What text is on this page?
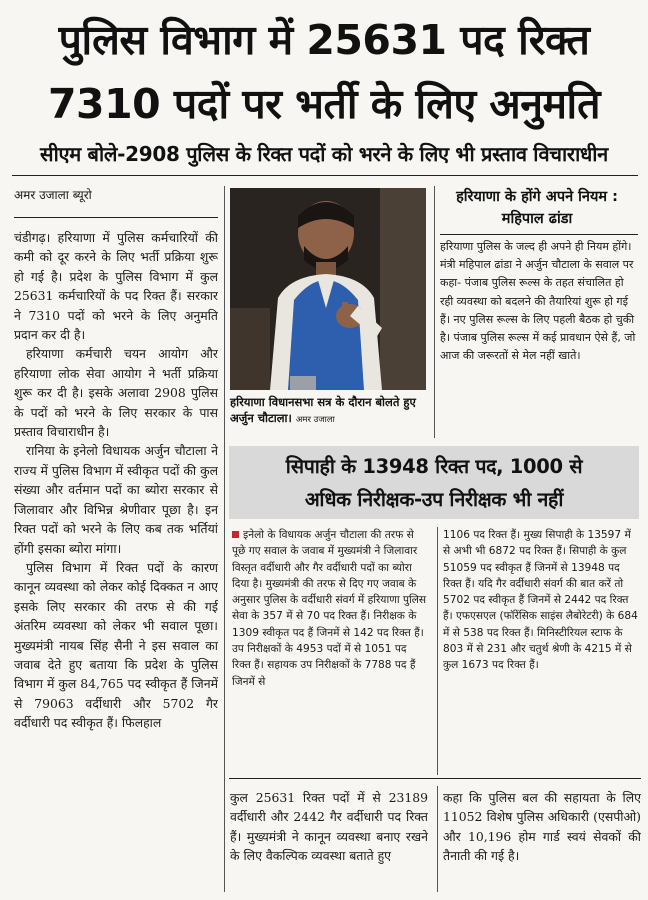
पुलिस विभाग में 25631 पद रिक्त
7310 पदों पर भर्ती के लिए अनुमति
सीएम बोले-2908 पुलिस के रिक्त पदों को भरने के लिए भी प्रस्ताव विचाराधीन
अमर उजाला ब्यूरो

चंडीगढ़। हरियाणा में पुलिस कर्मचारियों की कमी को दूर करने के लिए भर्ती प्रक्रिया शुरू हो गई है। प्रदेश के पुलिस विभाग में कुल 25631 कर्मचारियों के पद रिक्त हैं। सरकार ने 7310 पदों को भरने के लिए अनुमति प्रदान कर दी है।

हरियाणा कर्मचारी चयन आयोग और हरियाणा लोक सेवा आयोग ने भर्ती प्रक्रिया शुरू कर दी है। इसके अलावा 2908 पुलिस के पदों को भरने के लिए सरकार के पास प्रस्ताव विचाराधीन है।

रानिया के इनेलो विधायक अर्जुन चौटाला ने राज्य में पुलिस विभाग में स्वीकृत पदों की कुल संख्या और वर्तमान पदों का ब्योरा सरकार से जिलावार और विभिन्न श्रेणीवार पूछा है। इन रिक्त पदों को भरने के लिए कब तक भर्तियां होंगी इसका ब्योरा मांगा।

पुलिस विभाग में रिक्त पदों के कारण कानून व्यवस्था को लेकर कोई दिक्कत न आए इसके लिए सरकार की तरफ से की गई अंतरिम व्यवस्था को लेकर भी सवाल पूछा। मुख्यमंत्री नायब सिंह सैनी ने इस सवाल का जवाब देते हुए बताया कि प्रदेश के पुलिस विभाग में कुल 84,765 पद स्वीकृत हैं जिनमें से 79063 वर्दीधारी और 5702 गैर वर्दीधारी पद स्वीकृत हैं। फिलहाल

हरियाणा विधानसभा सत्र के दौरान बोलते हुए अर्जुन चौटाला। अमर उजाला
हरियाणा के होंगे अपने नियम : महिपाल ढांडा
हरियाणा पुलिस के जल्द ही अपने ही नियम होंगे। मंत्री महिपाल ढांडा ने अर्जुन चौटाला के सवाल पर कहा- पंजाब पुलिस रूल्स के तहत संचालित हो रही व्यवस्था को बदलने की तैयारियां शुरू हो गई हैं। नए पुलिस रूल्स के लिए पहली बैठक हो चुकी है। पंजाब पुलिस रूल्स में कई प्रावधान ऐसे हैं, जो आज की जरूरतों से मेल नहीं खाते।
सिपाही के 13948 रिक्त पद, 1000 से
अधिक निरीक्षक-उप निरीक्षक भी नहीं
इनेलो के विधायक अर्जुन चौटाला की तरफ से पूछे गए सवाल के जवाब में मुख्यमंत्री ने जिलावार विस्तृत वर्दीधारी और गैर वर्दीधारी पदों का ब्योरा दिया है। मुख्यमंत्री की तरफ से दिए गए जवाब के अनुसार पुलिस के वर्दीधारी संवर्ग में हरियाणा पुलिस सेवा के 357 में से 70 पद रिक्त हैं। निरीक्षक के 1309 स्वीकृत पद हैं जिनमें से 142 पद रिक्त हैं। उप निरीक्षकों के 4953 पदों में से 1051 पद रिक्त हैं। सहायक उप निरीक्षकों के 7788 पद हैं जिनमें से
1106 पद रिक्त हैं। मुख्य सिपाही के 13597 में से अभी भी 6872 पद रिक्त हैं। सिपाही के कुल 51059 पद स्वीकृत हैं जिनमें से 13948 पद रिक्त हैं। यदि गैर वर्दीधारी संवर्ग की बात करें तो 5702 पद स्वीकृत हैं जिनमें से 2442 पद रिक्त हैं। एफएसएल (फॉरेंसिक साइंस लैबोरेटरी) के 684 में से 538 पद रिक्त हैं। मिनिस्टीरियल स्टाफ के 803 में से 231 और चतुर्थ श्रेणी के 4215 में से कुल 1673 पद रिक्त हैं।
कुल 25631 रिक्त पदों में से 23189 वर्दीधारी और 2442 गैर वर्दीधारी पद रिक्त हैं। मुख्यमंत्री ने कानून व्यवस्था बनाए रखने के लिए वैकल्पिक व्यवस्था बताते हुए
कहा कि पुलिस बल की सहायता के लिए 11052 विशेष पुलिस अधिकारी (एसपीओ) और 10,196 होम गार्ड स्वयं सेवकों की तैनाती की गई है।
